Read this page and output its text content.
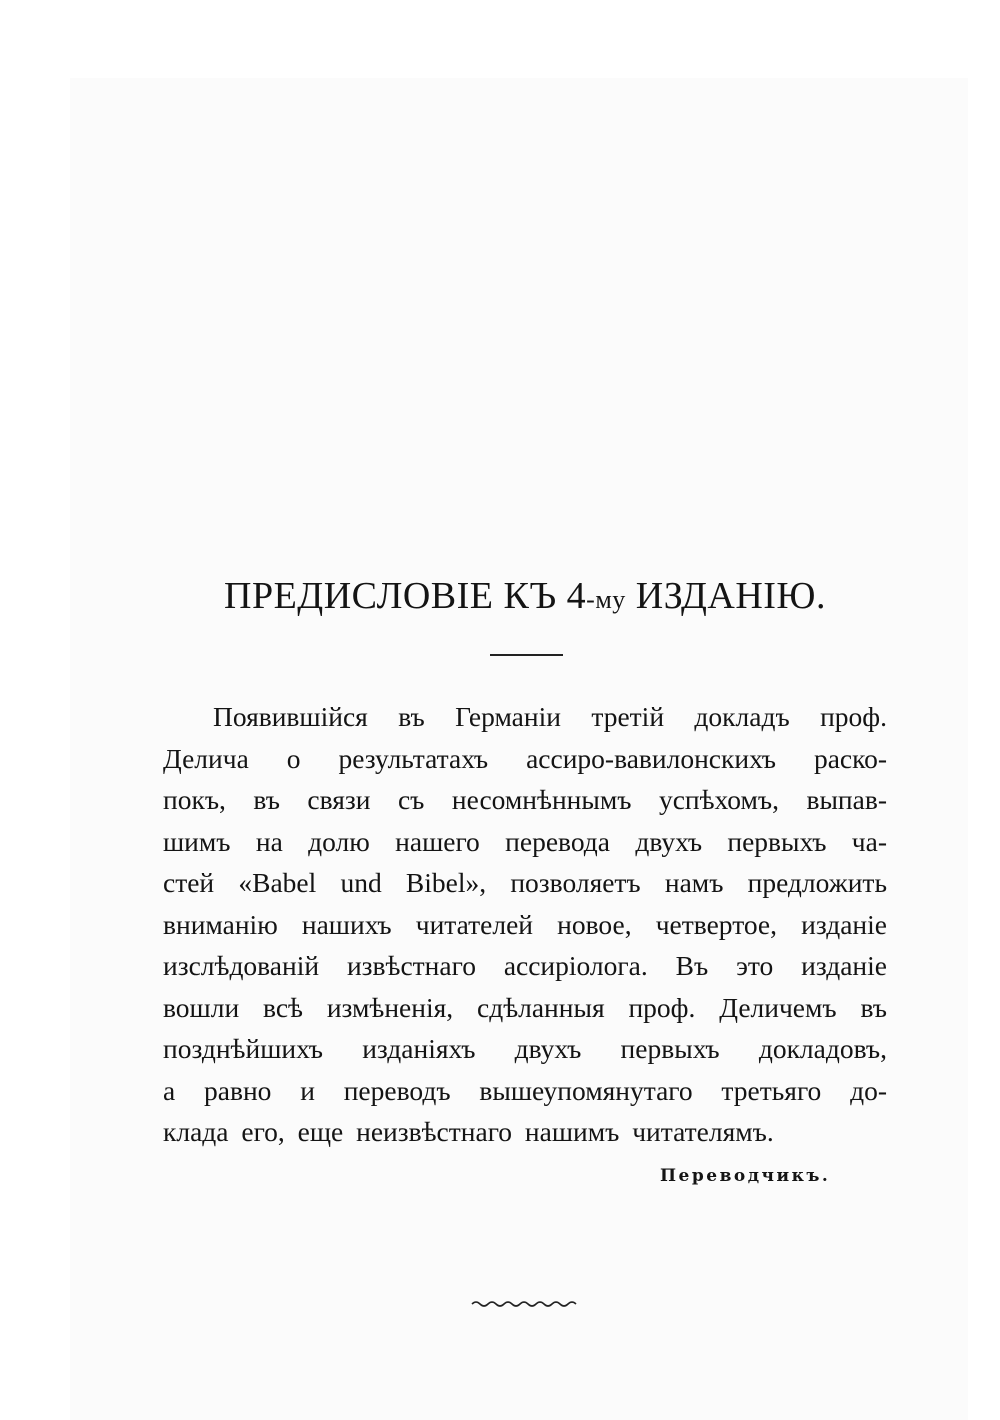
ПРЕДИСЛОВІЕ КЪ 4-му ИЗДАНІЮ.
Появившійся въ Германіи третій докладъ проф.
Делича о результатахъ ассиро-вавилонскихъ раско-
покъ, въ связи съ несомнѣннымъ успѣхомъ, выпав-
шимъ на долю нашего перевода двухъ первыхъ ча-
стей «Babel und Bibel», позволяетъ намъ предложить
вниманію нашихъ читателей новое, четвертое, изданіе
изслѣдованій извѣстнаго ассиріолога. Въ это изданіе
вошли всѣ измѣненія, сдѣланныя проф. Деличемъ въ
позднѣйшихъ изданіяхъ двухъ первыхъ докладовъ,
а равно и переводъ вышеупомянутаго третьяго до-
клада его, еще неизвѣстнаго нашимъ читателямъ.
Переводчикъ.
